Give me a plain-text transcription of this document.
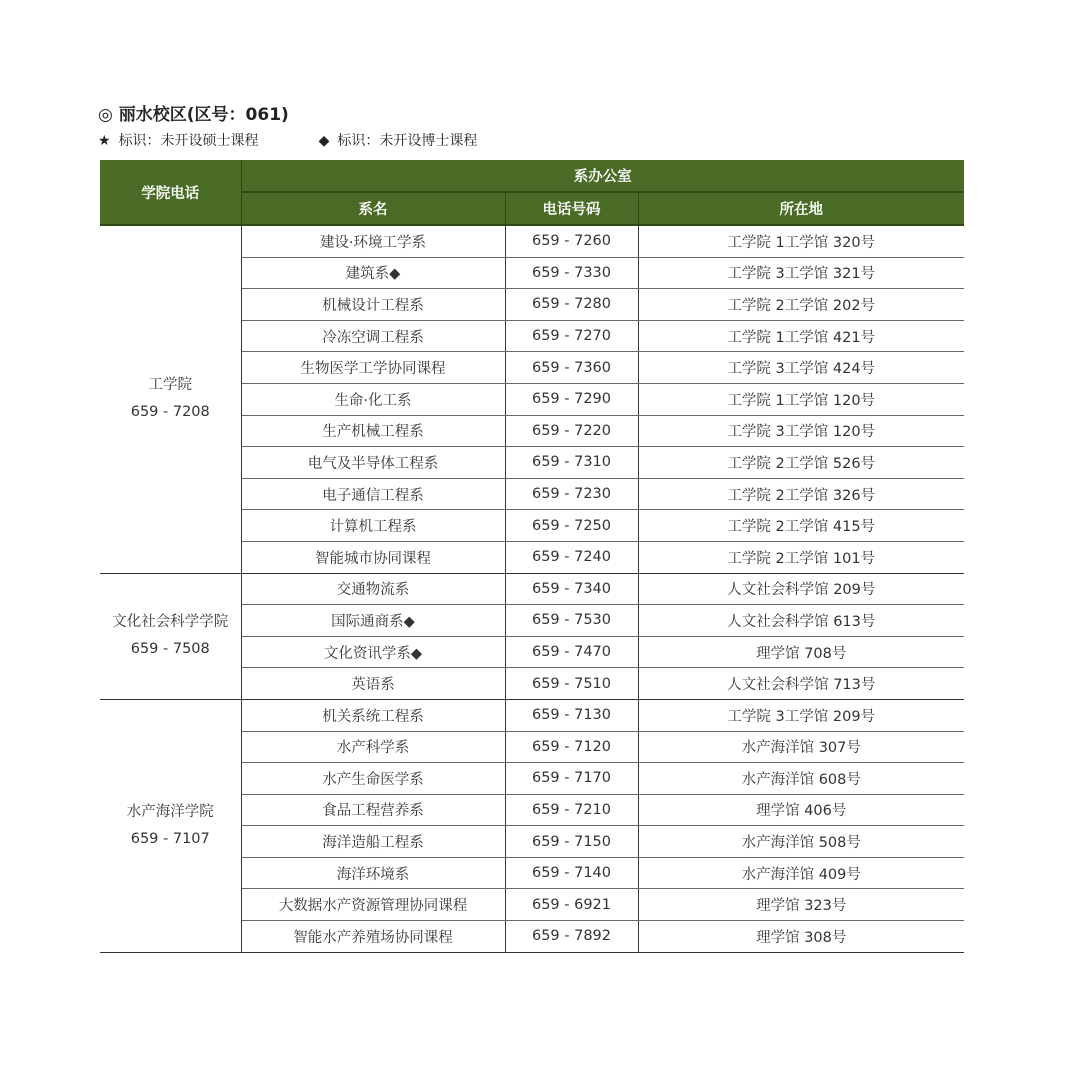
◎ 丽水校区(区号：061)
★ 标识：未开设硕士课程	◆ 标识：未开设博士课程
学院电话	系办公室		
	系名	电话号码	所在地

工学院
659 - 7208	建设·环境工学系	659 - 7260	工学院 1工学馆 320号
	建筑系◆	659 - 7330	工学院 3工学馆 321号
	机械设计工程系	659 - 7280	工学院 2工学馆 202号
	冷冻空调工程系	659 - 7270	工学院 1工学馆 421号
	生物医学工学协同课程	659 - 7360	工学院 3工学馆 424号
	生命·化工系	659 - 7290	工学院 1工学馆 120号
	生产机械工程系	659 - 7220	工学院 3工学馆 120号
	电气及半导体工程系	659 - 7310	工学院 2工学馆 526号
	电子通信工程系	659 - 7230	工学院 2工学馆 326号
	计算机工程系	659 - 7250	工学院 2工学馆 415号
	智能城市协同课程	659 - 7240	工学院 2工学馆 101号

文化社会科学学院
659 - 7508	交通物流系	659 - 7340	人文社会科学馆 209号
	国际通商系◆	659 - 7530	人文社会科学馆 613号
	文化资讯学系◆	659 - 7470	理学馆 708号
	英语系	659 - 7510	人文社会科学馆 713号

水产海洋学院
659 - 7107	机关系统工程系	659 - 7130	工学院 3工学馆 209号
	水产科学系	659 - 7120	水产海洋馆 307号
	水产生命医学系	659 - 7170	水产海洋馆 608号
	食品工程营养系	659 - 7210	理学馆 406号
	海洋造船工程系	659 - 7150	水产海洋馆 508号
	海洋环境系	659 - 7140	水产海洋馆 409号
	大数据水产资源管理协同课程	659 - 6921	理学馆 323号
	智能水产养殖场协同课程	659 - 7892	理学馆 308号
